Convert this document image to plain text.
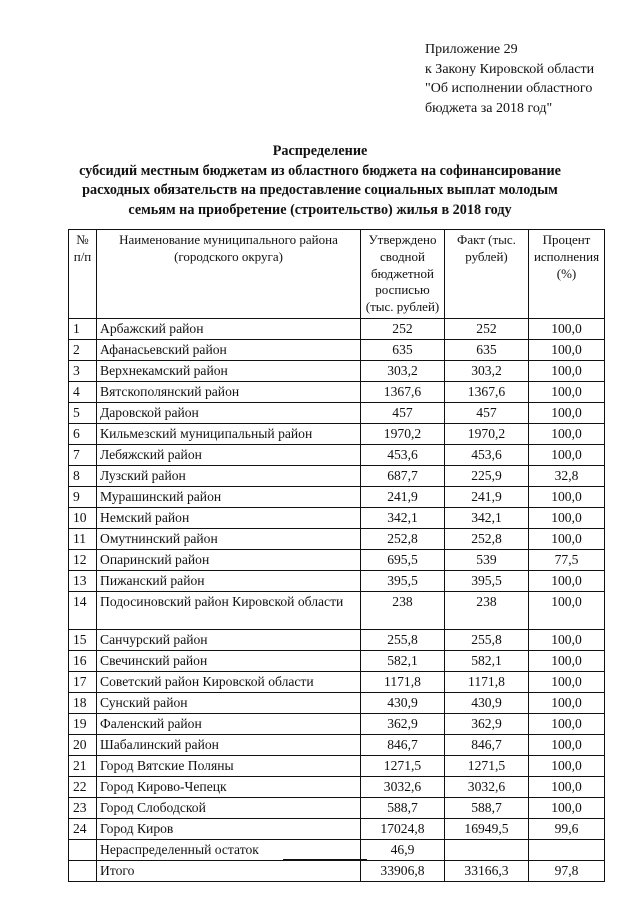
Приложение 29
к Закону Кировской области
"Об исполнении областного
бюджета за 2018 год"
Распределение
субсидий местным бюджетам из областного бюджета на софинансирование
расходных обязательств на предоставление социальных выплат молодым
семьям на приобретение (строительство) жилья в 2018 году
№ п/п	Наименование муниципального района (городского округа)	Утверждено сводной бюджетной росписью (тыс. рублей)	Факт (тыс. рублей)	Процент исполнения (%)
1	Арбажский район	252	252	100,0
2	Афанасьевский район	635	635	100,0
3	Верхнекамский район	303,2	303,2	100,0
4	Вятскополянский район	1367,6	1367,6	100,0
5	Даровской район	457	457	100,0
6	Кильмезский муниципальный район	1970,2	1970,2	100,0
7	Лебяжский район	453,6	453,6	100,0
8	Лузский район	687,7	225,9	32,8
9	Мурашинский район	241,9	241,9	100,0
10	Немский район	342,1	342,1	100,0
11	Омутнинский район	252,8	252,8	100,0
12	Опаринский район	695,5	539	77,5
13	Пижанский район	395,5	395,5	100,0
14	Подосиновский район Кировской области	238	238	100,0
15	Санчурский район	255,8	255,8	100,0
16	Свечинский район	582,1	582,1	100,0
17	Советский район Кировской области	1171,8	1171,8	100,0
18	Сунский район	430,9	430,9	100,0
19	Фаленский район	362,9	362,9	100,0
20	Шабалинский район	846,7	846,7	100,0
21	Город Вятские Поляны	1271,5	1271,5	100,0
22	Город Кирово-Чепецк	3032,6	3032,6	100,0
23	Город Слободской	588,7	588,7	100,0
24	Город Киров	17024,8	16949,5	99,6
	Нераспределенный остаток	46,9		
	Итого	33906,8	33166,3	97,8
